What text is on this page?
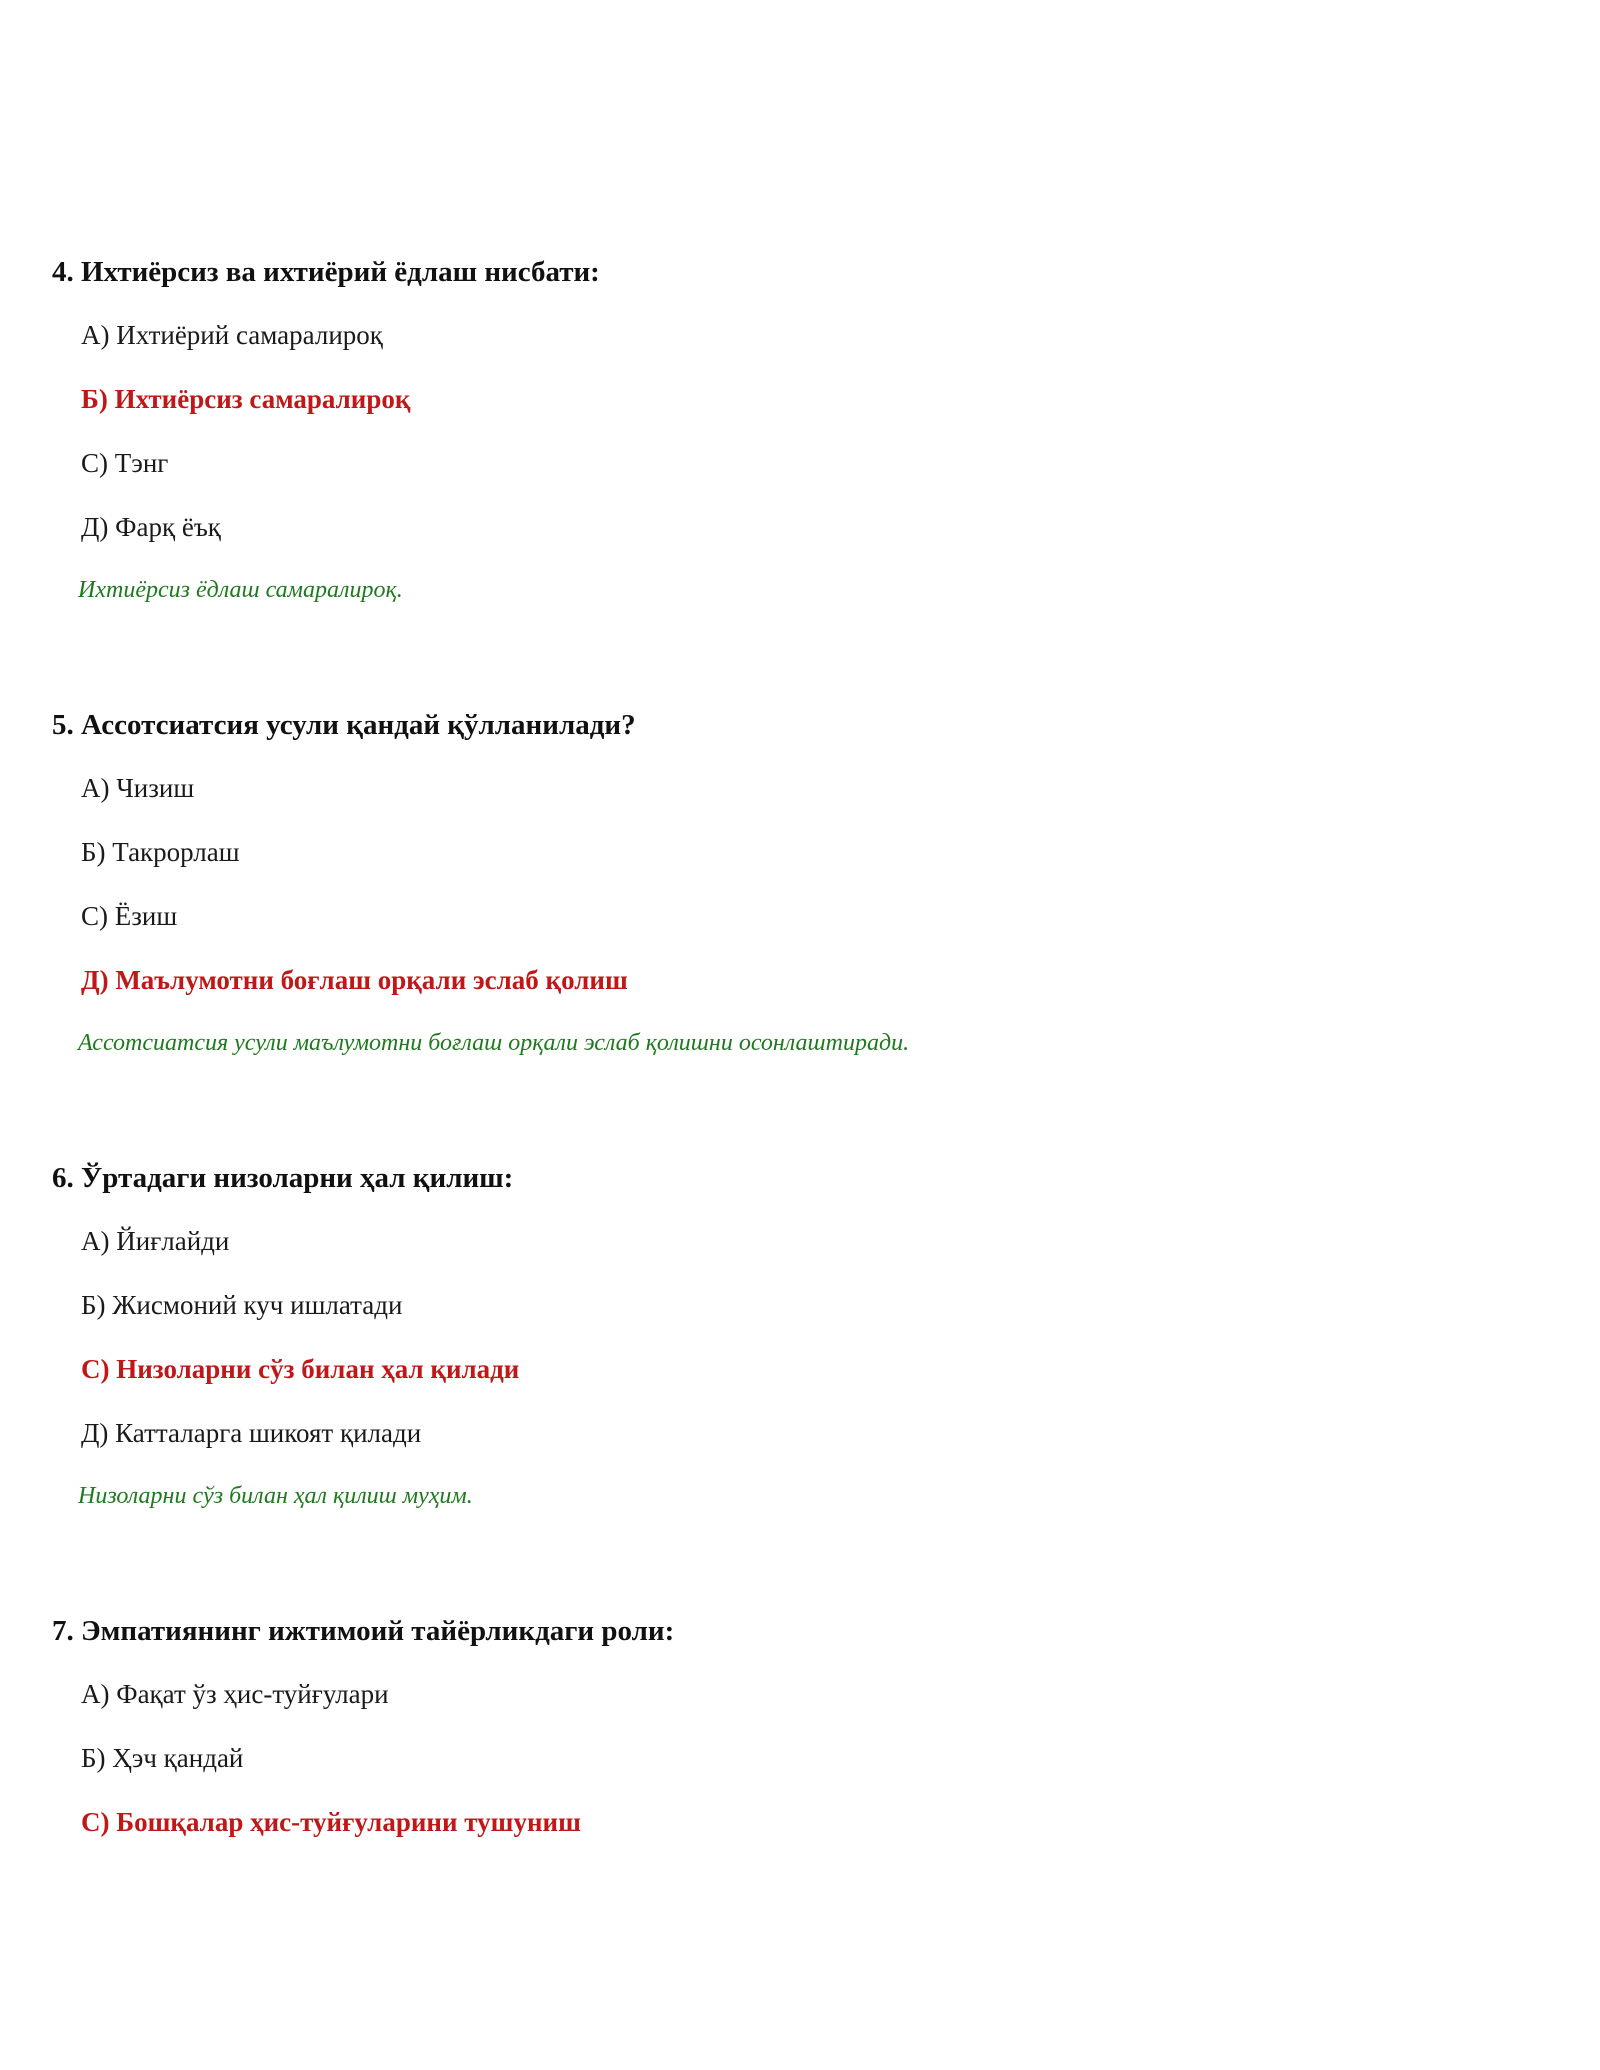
4. Ихтиёрсиз ва ихтиёрий ёдлаш нисбати:
А) Ихтиёрий самаралироқ
Б) Ихтиёрсиз самаралироқ
С) Тэнг
Д) Фарқ ёъқ
Ихтиёрсиз ёдлаш самаралироқ.
5. Ассотсиатсия усули қандай қўлланилади?
А) Чизиш
Б) Такрорлаш
С) Ёзиш
Д) Маълумотни боғлаш орқали эслаб қолиш
Ассотсиатсия усули маълумотни боғлаш орқали эслаб қолишни осонлаштиради.
6. Ўртадаги низоларни ҳал қилиш:
А) Йиғлайди
Б) Жисмоний куч ишлатади
С) Низоларни сўз билан ҳал қилади
Д) Катталарга шикоят қилади
Низоларни сўз билан ҳал қилиш муҳим.
7. Эмпатиянинг ижтимоий тайёрликдаги роли:
А) Фақат ўз ҳис-туйғулари
Б) Ҳэч қандай
С) Бошқалар ҳис-туйғуларини тушуниш
